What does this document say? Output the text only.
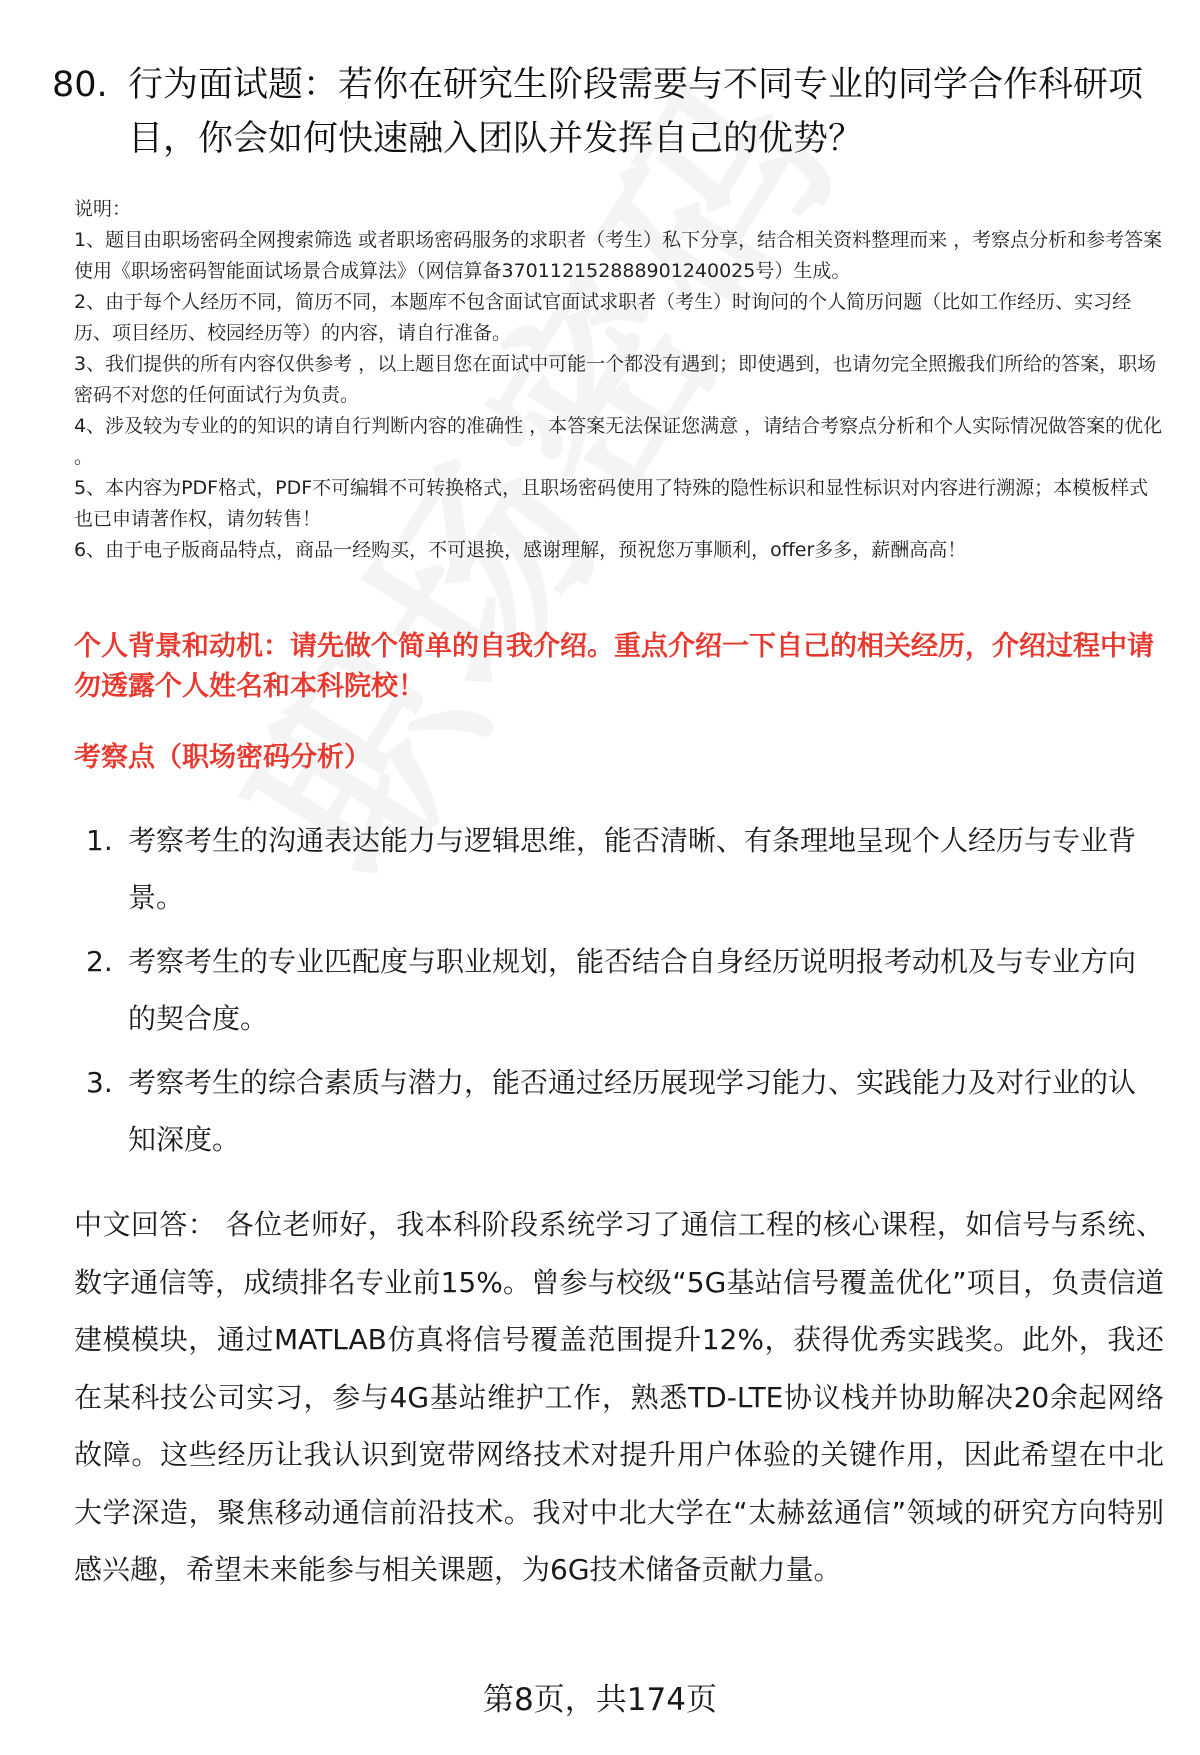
80. 行为面试题：若你在研究生阶段需要与不同专业的同学合作科研项目，你会如何快速融入团队并发挥自己的优势？

说明：

1、题目由职场密码全网搜索筛选 或者职场密码服务的求职者（考生）私下分享，结合相关资料整理而来 ，考察点分析和参考答案使用《职场密码智能面试场景合成算法》（网信算备370112152888901240025号）生成。

2、由于每个人经历不同，简历不同，本题库不包含面试官面试求职者（考生）时询问的个人简历问题（比如工作经历、实习经历、项目经历、校园经历等）的内容，请自行准备。

3、我们提供的所有内容仅供参考 ，以上题目您在面试中可能一个都没有遇到；即使遇到，也请勿完全照搬我们所给的答案，职场密码不对您的任何面试行为负责。

4、涉及较为专业的的知识的请自行判断内容的准确性 ，本答案无法保证您满意 ，请结合考察点分析和个人实际情况做答案的优化 。

5、本内容为PDF格式，PDF不可编辑不可转换格式，且职场密码使用了特殊的隐性标识和显性标识对内容进行溯源；本模板样式也已申请著作权，请勿转售！

6、由于电子版商品特点，商品一经购买，不可退换，感谢理解，预祝您万事顺利，offer多多，薪酬高高！

个人背景和动机：请先做个简单的自我介绍。重点介绍一下自己的相关经历，介绍过程中请勿透露个人姓名和本科院校！
考察点（职场密码分析）
1. 考察考生的沟通表达能力与逻辑思维，能否清晰、有条理地呈现个人经历与专业背景。
2. 考察考生的专业匹配度与职业规划，能否结合自身经历说明报考动机及与专业方向的契合度。
3. 考察考生的综合素质与潜力，能否通过经历展现学习能力、实践能力及对行业的认知深度。
中文回答： 各位老师好，我本科阶段系统学习了通信工程的核心课程，如信号与系统、数字通信等，成绩排名专业前15%。曾参与校级“5G基站信号覆盖优化”项目，负责信道建模模块，通过MATLAB仿真将信号覆盖范围提升12%，获得优秀实践奖。此外，我还在某科技公司实习，参与4G基站维护工作，熟悉TD-LTE协议栈并协助解决20余起网络故障。这些经历让我认识到宽带网络技术对提升用户体验的关键作用，因此希望在中北大学深造，聚焦移动通信前沿技术。我对中北大学在“太赫兹通信”领域的研究方向特别感兴趣，希望未来能参与相关课题，为6G技术储备贡献力量。
第8页，共174页
